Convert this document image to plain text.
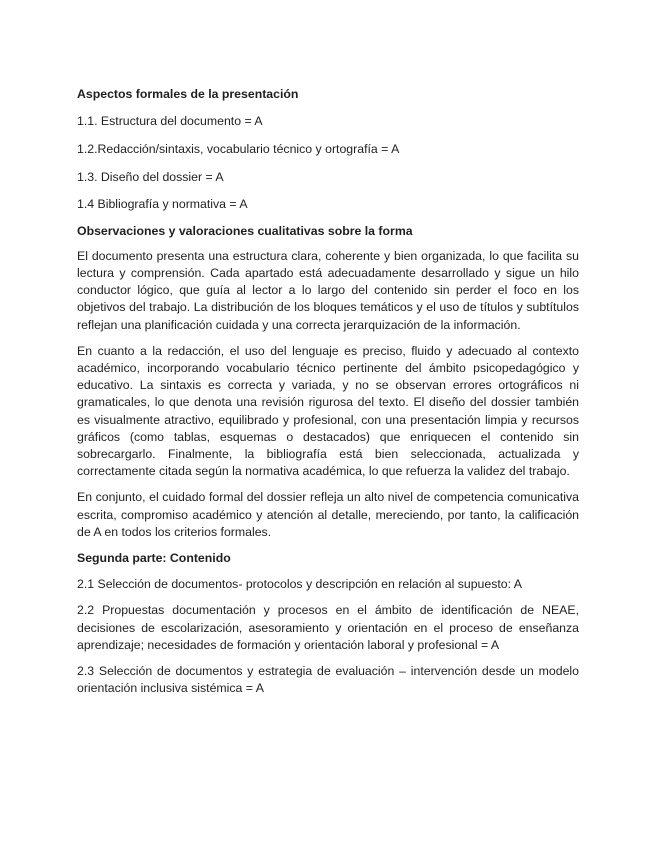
Aspectos formales de la presentación
1.1. Estructura del documento = A
1.2.Redacción/sintaxis, vocabulario técnico y ortografía = A
1.3. Diseño del dossier = A
1.4 Bibliografía y normativa = A
Observaciones y valoraciones cualitativas sobre la forma

El documento presenta una estructura clara, coherente y bien organizada, lo que facilita su lectura y comprensión. Cada apartado está adecuadamente desarrollado y sigue un hilo conductor lógico, que guía al lector a lo largo del contenido sin perder el foco en los objetivos del trabajo. La distribución de los bloques temáticos y el uso de títulos y subtítulos reflejan una planificación cuidada y una correcta jerarquización de la información.

En cuanto a la redacción, el uso del lenguaje es preciso, fluido y adecuado al contexto académico, incorporando vocabulario técnico pertinente del ámbito psicopedagógico y educativo. La sintaxis es correcta y variada, y no se observan errores ortográficos ni gramaticales, lo que denota una revisión rigurosa del texto. El diseño del dossier también es visualmente atractivo, equilibrado y profesional, con una presentación limpia y recursos gráficos (como tablas, esquemas o destacados) que enriquecen el contenido sin sobrecargarlo. Finalmente, la bibliografía está bien seleccionada, actualizada y correctamente citada según la normativa académica, lo que refuerza la validez del trabajo.

En conjunto, el cuidado formal del dossier refleja un alto nivel de competencia comunicativa escrita, compromiso académico y atención al detalle, mereciendo, por tanto, la calificación de A en todos los criterios formales.

Segunda parte: Contenido

2.1 Selección de documentos- protocolos y descripción en relación al supuesto: A

2.2 Propuestas documentación y procesos en el ámbito de identificación de NEAE, decisiones de escolarización, asesoramiento y orientación en el proceso de enseñanza aprendizaje; necesidades de formación y orientación laboral y profesional = A

2.3 Selección de documentos y estrategia de evaluación – intervención desde un modelo orientación inclusiva sistémica = A
